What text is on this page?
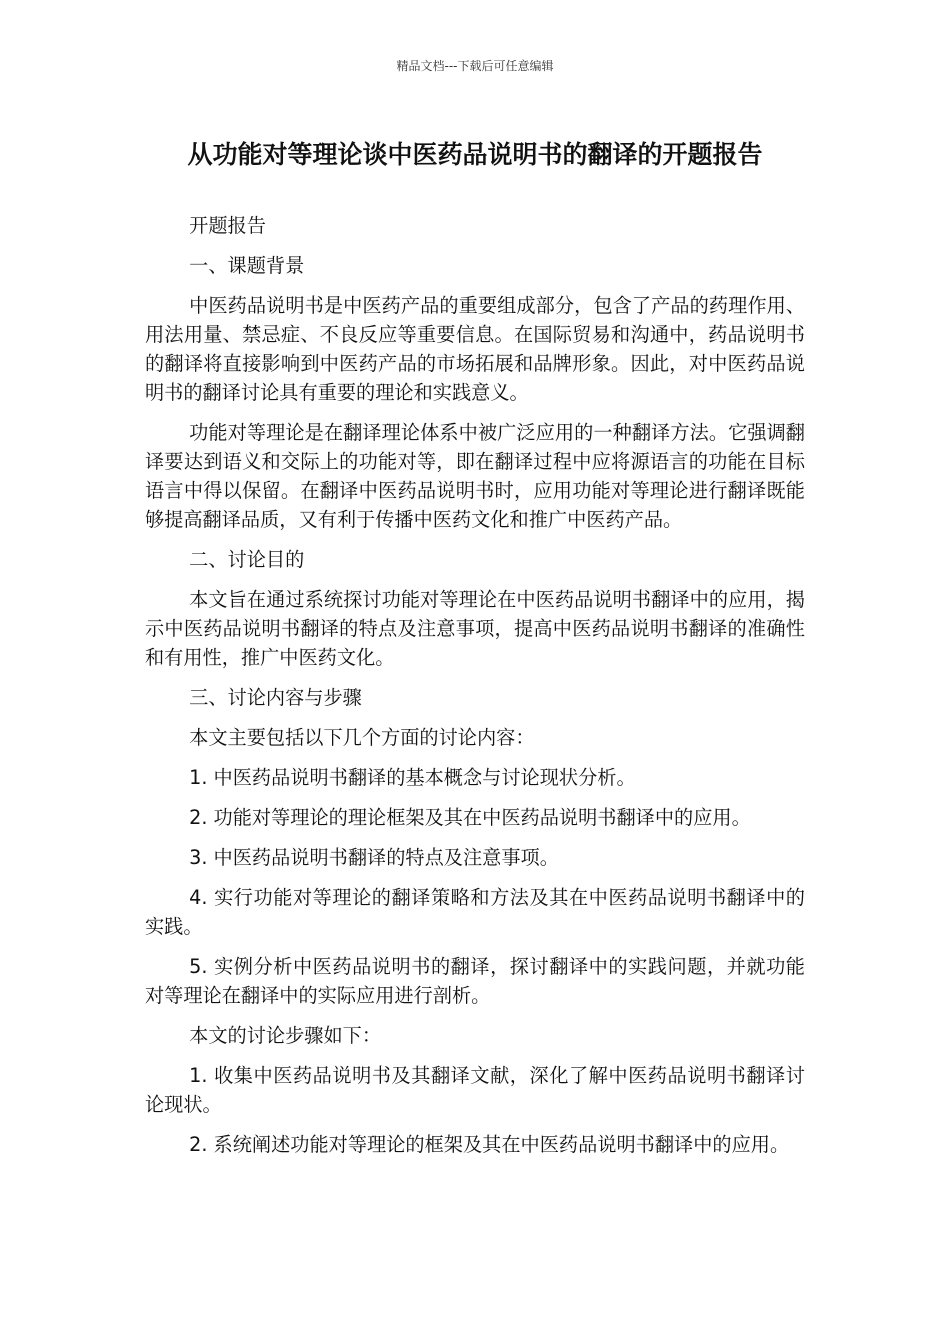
精品文档---下载后可任意编辑
从功能对等理论谈中医药品说明书的翻译的开题报告

开题报告

一、课题背景

中医药品说明书是中医药产品的重要组成部分，包含了产品的药理作用、用法用量、禁忌症、不良反应等重要信息。在国际贸易和沟通中，药品说明书的翻译将直接影响到中医药产品的市场拓展和品牌形象。因此，对中医药品说明书的翻译讨论具有重要的理论和实践意义。

功能对等理论是在翻译理论体系中被广泛应用的一种翻译方法。它强调翻译要达到语义和交际上的功能对等，即在翻译过程中应将源语言的功能在目标语言中得以保留。在翻译中医药品说明书时，应用功能对等理论进行翻译既能够提高翻译品质，又有利于传播中医药文化和推广中医药产品。

二、讨论目的

本文旨在通过系统探讨功能对等理论在中医药品说明书翻译中的应用，揭示中医药品说明书翻译的特点及注意事项，提高中医药品说明书翻译的准确性和有用性，推广中医药文化。

三、讨论内容与步骤

本文主要包括以下几个方面的讨论内容：

1. 中医药品说明书翻译的基本概念与讨论现状分析。

2. 功能对等理论的理论框架及其在中医药品说明书翻译中的应用。

3. 中医药品说明书翻译的特点及注意事项。

4. 实行功能对等理论的翻译策略和方法及其在中医药品说明书翻译中的实践。

5. 实例分析中医药品说明书的翻译，探讨翻译中的实践问题，并就功能对等理论在翻译中的实际应用进行剖析。

本文的讨论步骤如下：

1. 收集中医药品说明书及其翻译文献，深化了解中医药品说明书翻译讨论现状。

2. 系统阐述功能对等理论的框架及其在中医药品说明书翻译中的应用。
